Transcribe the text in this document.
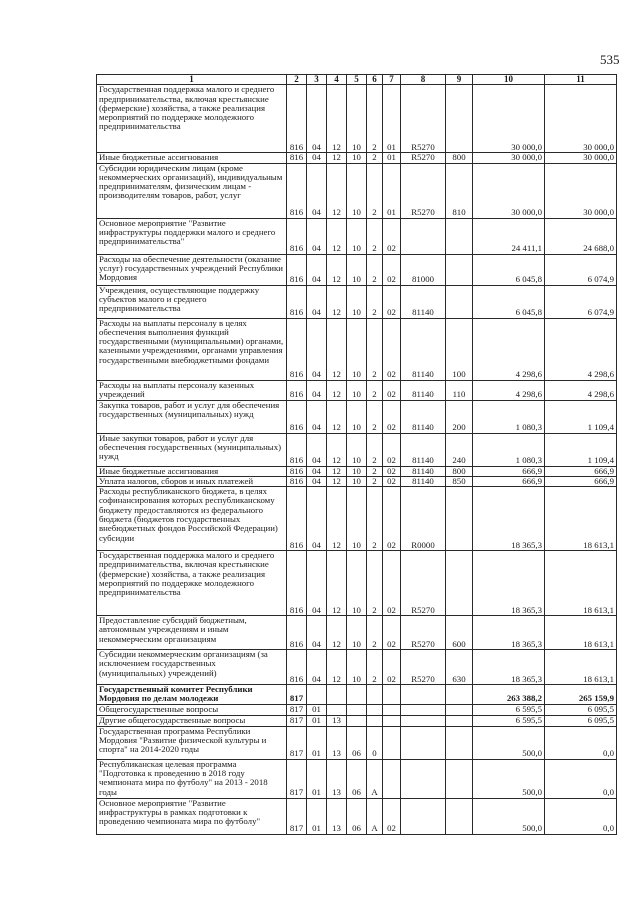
535
1	2	3	4	5	6	7	8	9	10	11
Государственная поддержка малого и среднего предпринимательства, включая крестьянские (фермерские) хозяйства, а также реализация мероприятий по поддержке молодежного предпринимательства	816	04	12	10	2	01	R5270		30 000,0	30 000,0
Иные бюджетные ассигнования	816	04	12	10	2	01	R5270	800	30 000,0	30 000,0
Субсидии юридическим лицам (кроме некоммерческих организаций), индивидуальным предпринимателям, физическим лицам - производителям товаров, работ, услуг	816	04	12	10	2	01	R5270	810	30 000,0	30 000,0
Основное мероприятие "Развитие инфраструктуры поддержки малого и среднего предпринимательства"	816	04	12	10	2	02			24 411,1	24 688,0
Расходы на обеспечение деятельности (оказание услуг) государственных учреждений Республики Мордовия	816	04	12	10	2	02	81000		6 045,8	6 074,9
Учреждения, осуществляющие поддержку субъектов малого и среднего предпринимательства	816	04	12	10	2	02	81140		6 045,8	6 074,9
Расходы на выплаты персоналу в целях обеспечения выполнения функций государственными (муниципальными) органами, казенными учреждениями, органами управления государственными внебюджетными фондами	816	04	12	10	2	02	81140	100	4 298,6	4 298,6
Расходы на выплаты персоналу казенных учреждений	816	04	12	10	2	02	81140	110	4 298,6	4 298,6
Закупка товаров, работ и услуг для обеспечения государственных (муниципальных) нужд	816	04	12	10	2	02	81140	200	1 080,3	1 109,4
Иные закупки товаров, работ и услуг для обеспечения государственных (муниципальных) нужд	816	04	12	10	2	02	81140	240	1 080,3	1 109,4
Иные бюджетные ассигнования	816	04	12	10	2	02	81140	800	666,9	666,9
Уплата налогов, сборов и иных платежей	816	04	12	10	2	02	81140	850	666,9	666,9
Расходы республиканского бюджета, в целях софинансирования которых республиканскому бюджету предоставляются из федерального бюджета (бюджетов государственных внебюджетных фондов Российской Федерации) субсидии	816	04	12	10	2	02	R0000		18 365,3	18 613,1
Государственная поддержка малого и среднего предпринимательства, включая крестьянские (фермерские) хозяйства, а также реализация мероприятий по поддержке молодежного предпринимательства	816	04	12	10	2	02	R5270		18 365,3	18 613,1
Предоставление субсидий бюджетным, автономным учреждениям и иным некоммерческим организациям	816	04	12	10	2	02	R5270	600	18 365,3	18 613,1
Субсидии некоммерческим организациям (за исключением государственных (муниципальных) учреждений)	816	04	12	10	2	02	R5270	630	18 365,3	18 613,1
Государственный комитет Республики Мордовия по делам молодежи	817								263 388,2	265 159,9
Общегосударственные вопросы	817	01							6 595,5	6 095,5
Другие общегосударственные вопросы	817	01	13						6 595,5	6 095,5
Государственная программа Республики Мордовия "Развитие физической культуры и спорта" на 2014-2020 годы	817	01	13	06	0				500,0	0,0
Республиканская целевая программа "Подготовка к проведению в 2018 году чемпионата мира по футболу" на 2013 - 2018 годы	817	01	13	06	А				500,0	0,0
Основное мероприятие "Развитие инфраструктуры в рамках подготовки к проведению чемпионата мира по футболу"	817	01	13	06	А	02			500,0	0,0
